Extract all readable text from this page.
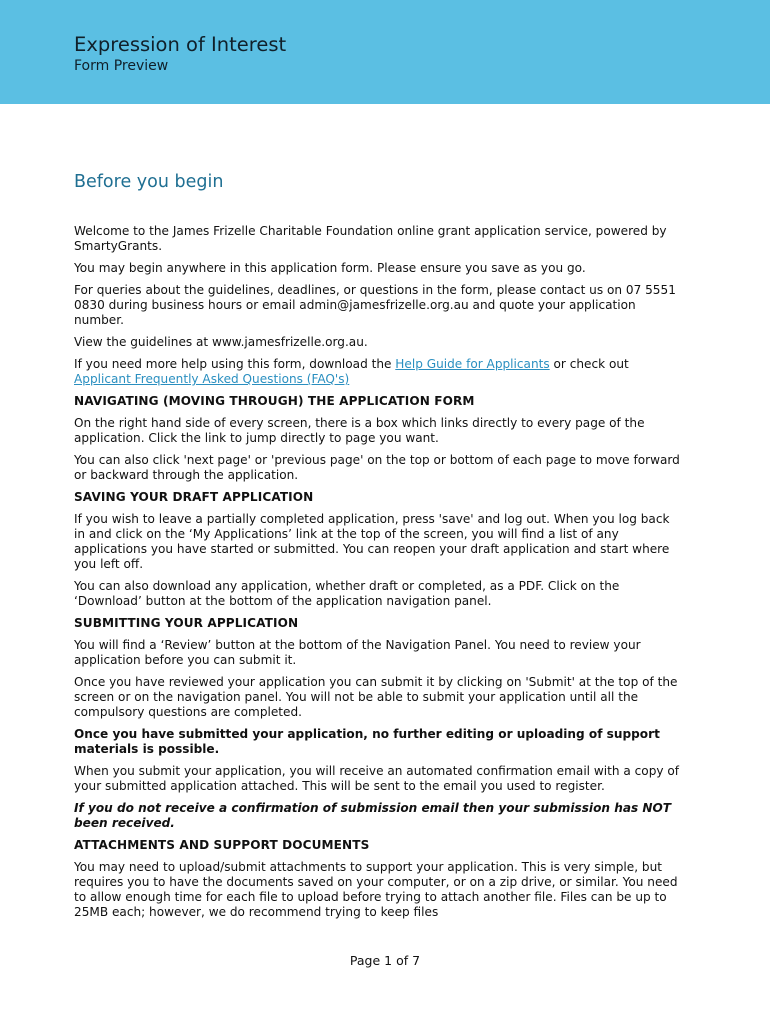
Expression of Interest
Form Preview
Before you begin

Welcome to the James Frizelle Charitable Foundation online grant application service, powered by SmartyGrants.

You may begin anywhere in this application form. Please ensure you save as you go.

For queries about the guidelines, deadlines, or questions in the form, please contact us on 07 5551 0830 during business hours or email admin@jamesfrizelle.org.au and quote your application number.

View the guidelines at www.jamesfrizelle.org.au.

If you need more help using this form, download the Help Guide for Applicants or check out Applicant Frequently Asked Questions (FAQ's)

NAVIGATING (MOVING THROUGH) THE APPLICATION FORM

On the right hand side of every screen, there is a box which links directly to every page of the application. Click the link to jump directly to page you want.

You can also click 'next page' or 'previous page' on the top or bottom of each page to move forward or backward through the application.

SAVING YOUR DRAFT APPLICATION

If you wish to leave a partially completed application, press 'save' and log out. When you log back in and click on the ‘My Applications’ link at the top of the screen, you will find a list of any applications you have started or submitted. You can reopen your draft application and start where you left off.

You can also download any application, whether draft or completed, as a PDF. Click on the ‘Download’ button at the bottom of the application navigation panel.

SUBMITTING YOUR APPLICATION

You will find a ‘Review’ button at the bottom of the Navigation Panel. You need to review your application before you can submit it.

Once you have reviewed your application you can submit it by clicking on 'Submit' at the top of the screen or on the navigation panel. You will not be able to submit your application until all the compulsory questions are completed.

Once you have submitted your application, no further editing or uploading of support materials is possible.

When you submit your application, you will receive an automated confirmation email with a copy of your submitted application attached. This will be sent to the email you used to register.

If you do not receive a confirmation of submission email then your submission has NOT been received.

ATTACHMENTS AND SUPPORT DOCUMENTS

You may need to upload/submit attachments to support your application. This is very simple, but requires you to have the documents saved on your computer, or on a zip drive, or similar. You need to allow enough time for each file to upload before trying to attach another file. Files can be up to 25MB each; however, we do recommend trying to keep files

Page 1 of 7
